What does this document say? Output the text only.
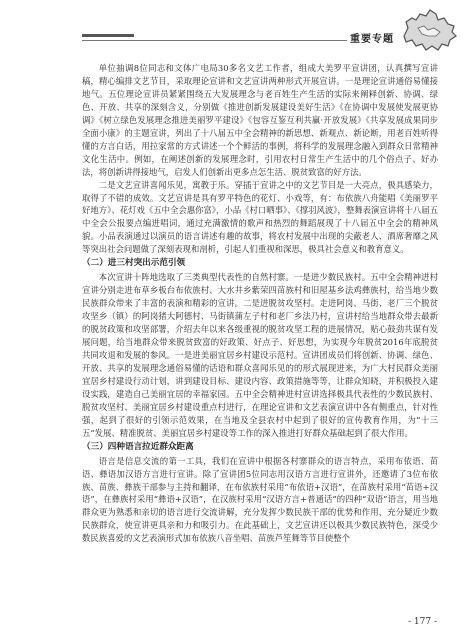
重要专题

单位抽调8位同志和文体广电局30多名文艺工作者，组成大美罗平宣讲团，认真撰写宣讲稿，精心编排文艺节目，采取理论宣讲和文艺宣讲两种形式开展宣讲。一是理论宣讲通俗易懂接地气。五位理论宣讲员紧紧围绕五大发展理念与老百姓生产生活的实际来阐释创新、协调、绿色、开放、共享的深刻含义，分别做《推进创新发展建设美好生活》《在协调中发展使发展更协调》《树立绿色发展理念推进美丽罗平建设》《包容互鉴互利共赢·开放发展》《共享发展成果同步全面小康》的主题宣讲，列出了十八届五中全会精神的新思想、新观点、新论断，用老百姓听得懂的方言白话，用拉家常的方式讲述一个个鲜活的事例，将科学的发展理念融入到群众日常精神文化生活中。例如，在阐述创新的发展理念时，引用农村日常生产生活中的几个俗点子、好办法，将创新讲得接地气，启发人们创新出更多点怎生活、脱贫致富的好方法。

二是文艺宣讲喜闻乐见，寓教于乐。穿插于宣讲之中的文艺节目是一大亮点，极具感染力，取得了不错的成效。文艺宣讲是具有罗平特色的花灯、小戏等，有：布依族八舟能唱《美丽罗平好地方》、花灯戏《五中全会惠你富》，小品《村口晒事》、《撑羽风波》，整舞表演宣讲将十八届五中全会公报要点编进唱词，通过充满激情的歌声和热烈的舞蹈展现了十八届五中全会的精神风貌。小品表演通过以演员的语言讲述有趣的故事，将农村发展中出现的尖蔽老人、酒席奢靡之风等突出社会问题做了深刻表现和剖析，引起人们重视和深思，极具社会意义和教育意义。

（二）进三村突出示范引领

本次宣讲十阵地选取了三类典型代表性的自然村寨。一是进少数民族村。五中全会精神进村宣讲分别走进布草乡板台布依族村、大水井乡紫荣四苗族村和旧屋基乡法鸡彝族村，给当地少数民族群众带来了丰富的表演和精彩的宣讲。二是进脱贫攻坚村。走进阿岗、马街、老厂三个脱贫攻坚乡（镇）的阿岗猪大阿德村、马街镇蒲左子村和老厂乡法乃村，宣讲村给当地群众带去最新的脱贫政策和攻坚部署，介绍去年以来各级重视的脱贫攻坚工程的进展情况，贴心鼓劲共谋有发展问题，给当地群众带来脱贫致富的好政策、好点子、好思想，为实现今年脱贫2016年底脱贫共同攻退和发展的参风。一是进美丽宜居乡村建设示范村。宣讲团成员们将创新、协调、绿色、开放、共享的发展理念通俗易懂的话语和群众喜闻乐见的的形式展现进来，为广大村民群众美丽宜居乡村建设行动计划，讲到建设目标、建设内容、政策措施等等，让群众知晓，并积极投入建设实践，建造自己美丽宜居的幸福家园。五中全会精神进村宣讲选择极具代表性的少数民族村、脱贫攻坚村、美丽宜居乡村建设重点村进行，在理论宣讲和文艺表演宣讲中各有侧重点，针对性强，起到了很好的引领示范效果，在当地及全县农村中起到了很好的宣传教育作用，为“十三五”发展、精准脱贫、美丽宜居乡村建设等工作的深入推进打好群众基础起到了很大作用。

（三）四种语言拉近群众距离

语言是信息交流的第一工具，我们在宣讲中根据各村寨群众的语言特点，采用布依语、苗语、彝语加汉语方言进行宣讲。除了宣讲团5位同志用汉语方言进行宣讲外，还邀请了3位布依族、苗族、彝族干部参与主持和翻译，在布依族村采用“布依语+汉语”，在苗族村采用“苗语+汉语”，在彝族村采用“彝语+汉语”，在汉族村采用“汉语方言+普通话”的四种“双语”语言，用当地群众更为熟悉和亲切的语言进行交流讲解，充分发挥少数民族干部的优势和作用，充分疑近少数民族群众，使宣讲更具亲和力和吸引力。在此基础上，文艺宣讲还以极具少数民族特色，深受少数民族喜爱的文艺表演形式加布依族八音坐唱、苗族芦笙舞等节目使整个

- 177 -
